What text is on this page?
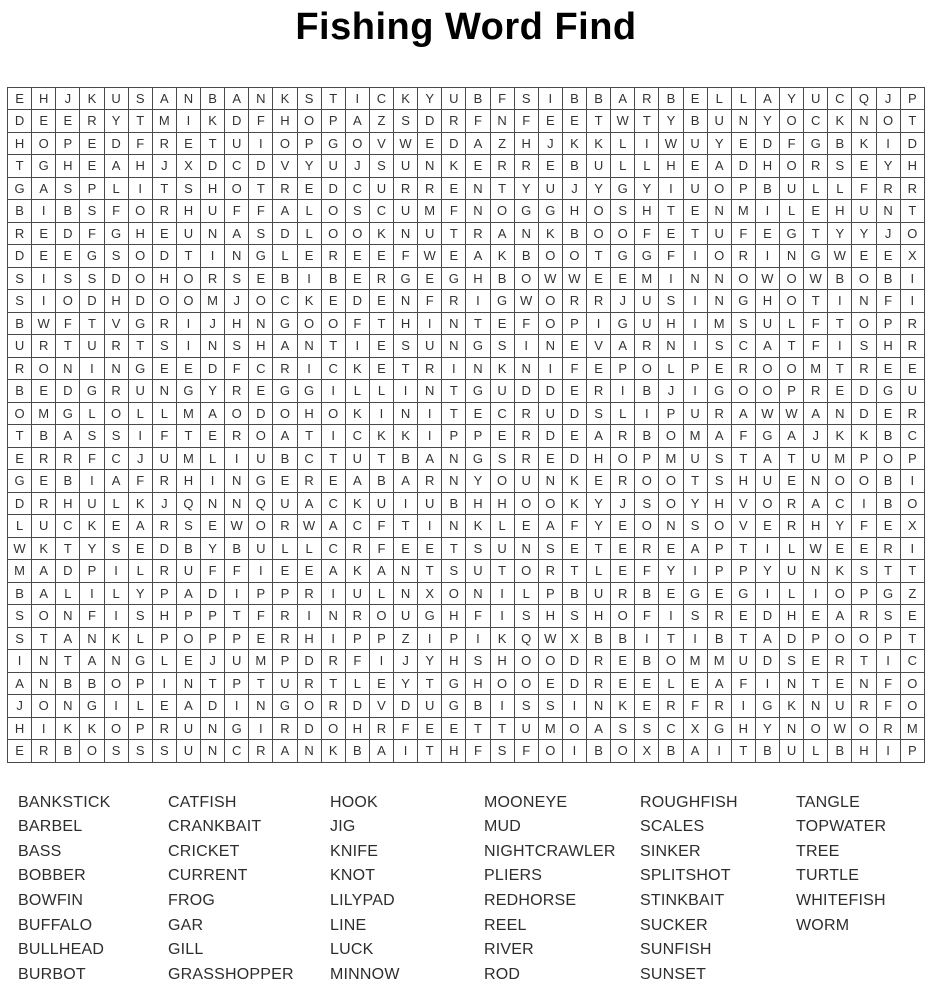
Fishing Word Find
E	H	J	K	U	S	A	N	B	A	N	K	S	T	I	C	K	Y	U	B	F	S	I	B	B	A	R	B	E	L	L	A	Y	U	C	Q	J	P
D	E	E	R	Y	T	M	I	K	D	F	H	O	P	A	Z	S	D	R	F	N	F	E	E	T	W	T	Y	B	U	N	Y	O	C	K	N	O	T
H	O	P	E	D	F	R	E	T	U	I	O	P	G	O	V	W	E	D	A	Z	H	J	K	K	L	I	W	U	Y	E	D	F	G	B	K	I	D
T	G	H	E	A	H	J	X	D	C	D	V	Y	U	J	S	U	N	K	E	R	R	E	B	U	L	L	H	E	A	D	H	O	R	S	E	Y	H
G	A	S	P	L	I	T	S	H	O	T	R	E	D	C	U	R	R	E	N	T	Y	U	J	Y	G	Y	I	U	O	P	B	U	L	L	F	R	R
B	I	B	S	F	O	R	H	U	F	F	A	L	O	S	C	U	M	F	N	O	G	G	H	O	S	H	T	E	N	M	I	L	E	H	U	N	T
R	E	D	F	G	H	E	U	N	A	S	D	L	O	O	K	N	U	T	R	A	N	K	B	O	O	F	E	T	U	F	E	G	T	Y	Y	J	O
D	E	E	G	S	O	D	T	I	N	G	L	E	R	E	E	F	W	E	A	K	B	O	O	T	G	G	F	I	O	R	I	N	G	W	E	E	X
S	I	S	S	D	O	H	O	R	S	E	B	I	B	E	R	G	E	G	H	B	O	W	W	E	E	M	I	N	N	O	W	O	W	B	O	B	I
S	I	O	D	H	D	O	O	M	J	O	C	K	E	D	E	N	F	R	I	G	W	O	R	R	J	U	S	I	N	G	H	O	T	I	N	F	I
B	W	F	T	V	G	R	I	J	H	N	G	O	O	F	T	H	I	N	T	E	F	O	P	I	G	U	H	I	M	S	U	L	F	T	O	P	R
U	R	T	U	R	T	S	I	N	S	H	A	N	T	I	E	S	U	N	G	S	I	N	E	V	A	R	N	I	S	C	A	T	F	I	S	H	R
R	O	N	I	N	G	E	E	D	F	C	R	I	C	K	E	T	R	I	N	K	N	I	F	E	P	O	L	P	E	R	O	O	M	T	R	E	E
B	E	D	G	R	U	N	G	Y	R	E	G	G	I	L	L	I	N	T	G	U	D	D	E	R	I	B	J	I	G	O	O	P	R	E	D	G	U
O	M	G	L	O	L	L	M	A	O	D	O	H	O	K	I	N	I	T	E	C	R	U	D	S	L	I	P	U	R	A	W	W	A	N	D	E	R
T	B	A	S	S	I	F	T	E	R	O	A	T	I	C	K	K	I	P	P	E	R	D	E	A	R	B	O	M	A	F	G	A	J	K	K	B	C
E	R	R	F	C	J	U	M	L	I	U	B	C	T	U	T	B	A	N	G	S	R	E	D	H	O	P	M	U	S	T	A	T	U	M	P	O	P
G	E	B	I	A	F	R	H	I	N	G	E	R	E	A	B	A	R	N	Y	O	U	N	K	E	R	O	O	T	S	H	U	E	N	O	O	B	I
D	R	H	U	L	K	J	Q	N	N	Q	U	A	C	K	U	I	U	B	H	H	O	O	K	Y	J	S	O	Y	H	V	O	R	A	C	I	B	O
L	U	C	K	E	A	R	S	E	W	O	R	W	A	C	F	T	I	N	K	L	E	A	F	Y	E	O	N	S	O	V	E	R	H	Y	F	E	X
W	K	T	Y	S	E	D	B	Y	B	U	L	L	C	R	F	E	E	T	S	U	N	S	E	T	E	R	E	A	P	T	I	L	W	E	E	R	I
M	A	D	P	I	L	R	U	F	F	I	E	E	A	K	A	N	T	S	U	T	O	R	T	L	E	F	Y	I	P	P	Y	U	N	K	S	T	T
B	A	L	I	L	Y	P	A	D	I	P	P	R	I	U	L	N	X	O	N	I	L	P	B	U	R	B	E	G	E	G	I	L	I	O	P	G	Z
S	O	N	F	I	S	H	P	P	T	F	R	I	N	R	O	U	G	H	F	I	S	H	S	H	O	F	I	S	R	E	D	H	E	A	R	S	E
S	T	A	N	K	L	P	O	P	P	E	R	H	I	P	P	Z	I	P	I	K	Q	W	X	B	B	I	T	I	B	T	A	D	P	O	O	P	T
I	N	T	A	N	G	L	E	J	U	M	P	D	R	F	I	J	Y	H	S	H	O	O	D	R	E	B	O	M	M	U	D	S	E	R	T	I	C
A	N	B	B	O	P	I	N	T	P	T	U	R	T	L	E	Y	T	G	H	O	O	E	D	R	E	E	L	E	A	F	I	N	T	E	N	F	O
J	O	N	G	I	L	E	A	D	I	N	G	O	R	D	V	D	U	G	B	I	S	S	I	N	K	E	R	F	R	I	G	K	N	U	R	F	O
H	I	K	K	O	P	R	U	N	G	I	R	D	O	H	R	F	E	E	T	T	U	M	O	A	S	S	C	X	G	H	Y	N	O	W	O	R	M
E	R	B	O	S	S	S	U	N	C	R	A	N	K	B	A	I	T	H	F	S	F	O	I	B	O	X	B	A	I	T	B	U	L	B	H	I	P
BANKSTICK
BARBEL
BASS
BOBBER
BOWFIN
BUFFALO
BULLHEAD
BURBOT
CATFISH
CRANKBAIT
CRICKET
CURRENT
FROG
GAR
GILL
GRASSHOPPER
HOOK
JIG
KNIFE
KNOT
LILYPAD
LINE
LUCK
MINNOW
MOONEYE
MUD
NIGHTCRAWLER
PLIERS
REDHORSE
REEL
RIVER
ROD
ROUGHFISH
SCALES
SINKER
SPLITSHOT
STINKBAIT
SUCKER
SUNFISH
SUNSET
TANGLE
TOPWATER
TREE
TURTLE
WHITEFISH
WORM
